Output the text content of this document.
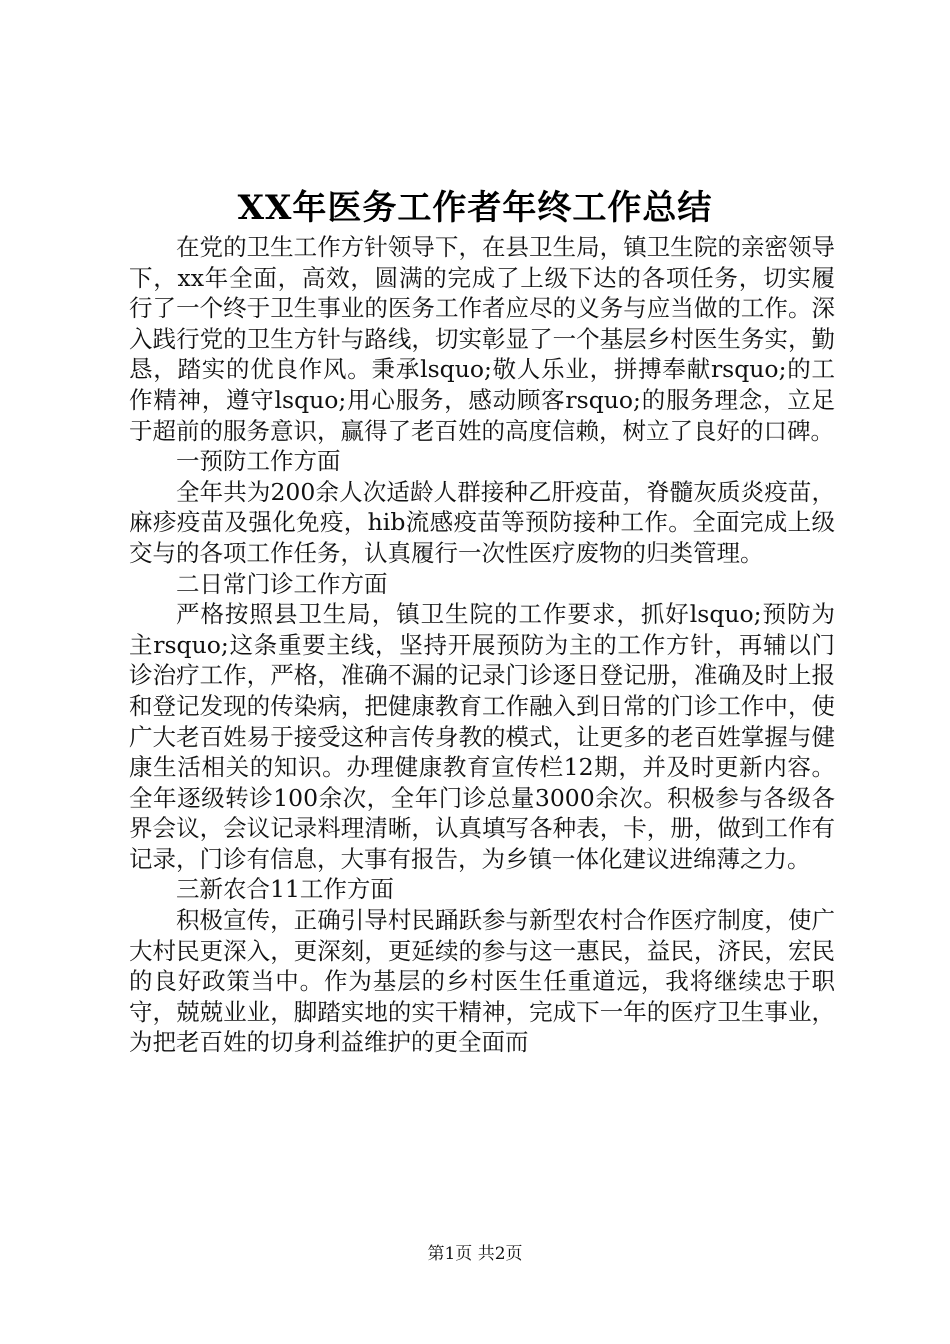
XX年医务工作者年终工作总结

在党的卫生工作方针领导下，在县卫生局，镇卫生院的亲密领导下，xx年全面，高效，圆满的完成了上级下达的各项任务，切实履行了一个终于卫生事业的医务工作者应尽的义务与应当做的工作。深入践行党的卫生方针与路线，切实彰显了一个基层乡村医生务实，勤恳，踏实的优良作风。秉承lsquo;敬人乐业，拼搏奉献rsquo;的工作精神，遵守lsquo;用心服务，感动顾客rsquo;的服务理念，立足于超前的服务意识，赢得了老百姓的高度信赖，树立了良好的口碑。

一预防工作方面

全年共为200余人次适龄人群接种乙肝疫苗，脊髓灰质炎疫苗，麻疹疫苗及强化免疫，hib流感疫苗等预防接种工作。全面完成上级交与的各项工作任务，认真履行一次性医疗废物的归类管理。

二日常门诊工作方面

严格按照县卫生局，镇卫生院的工作要求，抓好lsquo;预防为主rsquo;这条重要主线，坚持开展预防为主的工作方针，再辅以门诊治疗工作，严格，准确不漏的记录门诊逐日登记册，准确及时上报和登记发现的传染病，把健康教育工作融入到日常的门诊工作中，使广大老百姓易于接受这种言传身教的模式，让更多的老百姓掌握与健康生活相关的知识。办理健康教育宣传栏12期，并及时更新内容。全年逐级转诊100余次，全年门诊总量3000余次。积极参与各级各界会议，会议记录料理清晰，认真填写各种表，卡，册，做到工作有记录，门诊有信息，大事有报告，为乡镇一体化建议进绵薄之力。

三新农合11工作方面

积极宣传，正确引导村民踊跃参与新型农村合作医疗制度，使广大村民更深入，更深刻，更延续的参与这一惠民，益民，济民，宏民的良好政策当中。作为基层的乡村医生任重道远，我将继续忠于职守，兢兢业业，脚踏实地的实干精神，完成下一年的医疗卫生事业，为把老百姓的切身利益维护的更全面而

第1页 共2页
